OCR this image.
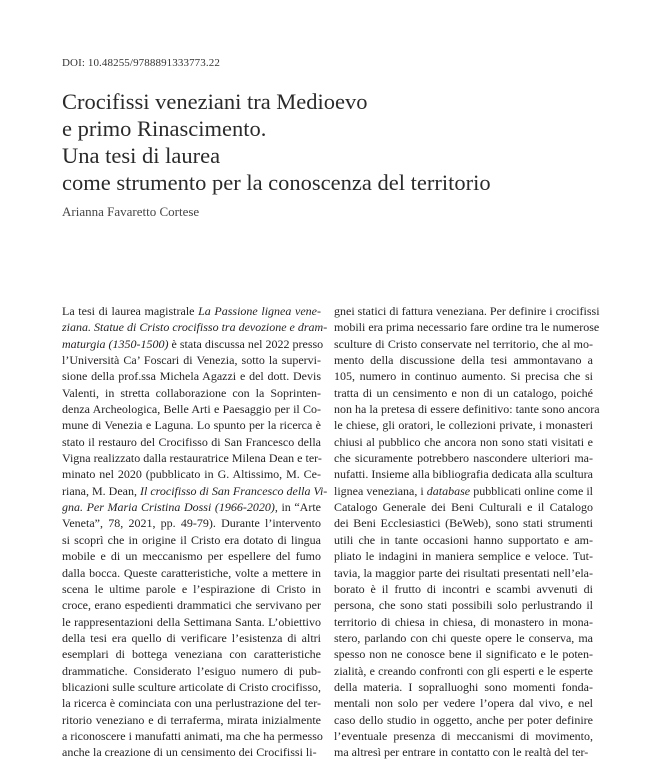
DOI: 10.48255/9788891333773.22
Crocifissi veneziani tra Medioevo
e primo Rinascimento.
Una tesi di laurea
come strumento per la conoscenza del territorio
Arianna Favaretto Cortese
La tesi di laurea magistrale La Passione lignea vene-
ziana. Statue di Cristo crocifisso tra devozione e dram-
maturgia (1350-1500) è stata discussa nel 2022 presso
l’Università Ca’ Foscari di Venezia, sotto la supervi-
sione della prof.ssa Michela Agazzi e del dott. Devis
Valenti, in stretta collaborazione con la Soprinten-
denza Archeologica, Belle Arti e Paesaggio per il Co-
mune di Venezia e Laguna. Lo spunto per la ricerca è
stato il restauro del Crocifisso di San Francesco della
Vigna realizzato dalla restauratrice Milena Dean e ter-
minato nel 2020 (pubblicato in G. Altissimo, M. Ce-
riana, M. Dean, Il crocifisso di San Francesco della Vi-
gna. Per Maria Cristina Dossi (1966-2020), in “Arte
Veneta”, 78, 2021, pp. 49-79). Durante l’intervento
si scoprì che in origine il Cristo era dotato di lingua
mobile e di un meccanismo per espellere del fumo
dalla bocca. Queste caratteristiche, volte a mettere in
scena le ultime parole e l’espirazione di Cristo in
croce, erano espedienti drammatici che servivano per
le rappresentazioni della Settimana Santa. L’obiettivo
della tesi era quello di verificare l’esistenza di altri
esemplari di bottega veneziana con caratteristiche
drammatiche. Considerato l’esiguo numero di pub-
blicazioni sulle sculture articolate di Cristo crocifisso,
la ricerca è cominciata con una perlustrazione del ter-
ritorio veneziano e di terraferma, mirata inizialmente
a riconoscere i manufatti animati, ma che ha permesso
anche la creazione di un censimento dei Crocifissi li-
gnei statici di fattura veneziana. Per definire i crocifissi
mobili era prima necessario fare ordine tra le numerose
sculture di Cristo conservate nel territorio, che al mo-
mento della discussione della tesi ammontavano a
105, numero in continuo aumento. Si precisa che si
tratta di un censimento e non di un catalogo, poiché
non ha la pretesa di essere definitivo: tante sono ancora
le chiese, gli oratori, le collezioni private, i monasteri
chiusi al pubblico che ancora non sono stati visitati e
che sicuramente potrebbero nascondere ulteriori ma-
nufatti. Insieme alla bibliografia dedicata alla scultura
lignea veneziana, i database pubblicati online come il
Catalogo Generale dei Beni Culturali e il Catalogo
dei Beni Ecclesiastici (BeWeb), sono stati strumenti
utili che in tante occasioni hanno supportato e am-
pliato le indagini in maniera semplice e veloce. Tut-
tavia, la maggior parte dei risultati presentati nell’ela-
borato è il frutto di incontri e scambi avvenuti di
persona, che sono stati possibili solo perlustrando il
territorio di chiesa in chiesa, di monastero in mona-
stero, parlando con chi queste opere le conserva, ma
spesso non ne conosce bene il significato e le poten-
zialità, e creando confronti con gli esperti e le esperte
della materia. I sopralluoghi sono momenti fonda-
mentali non solo per vedere l’opera dal vivo, e nel
caso dello studio in oggetto, anche per poter definire
l’eventuale presenza di meccanismi di movimento,
ma altresì per entrare in contatto con le realtà del ter-
